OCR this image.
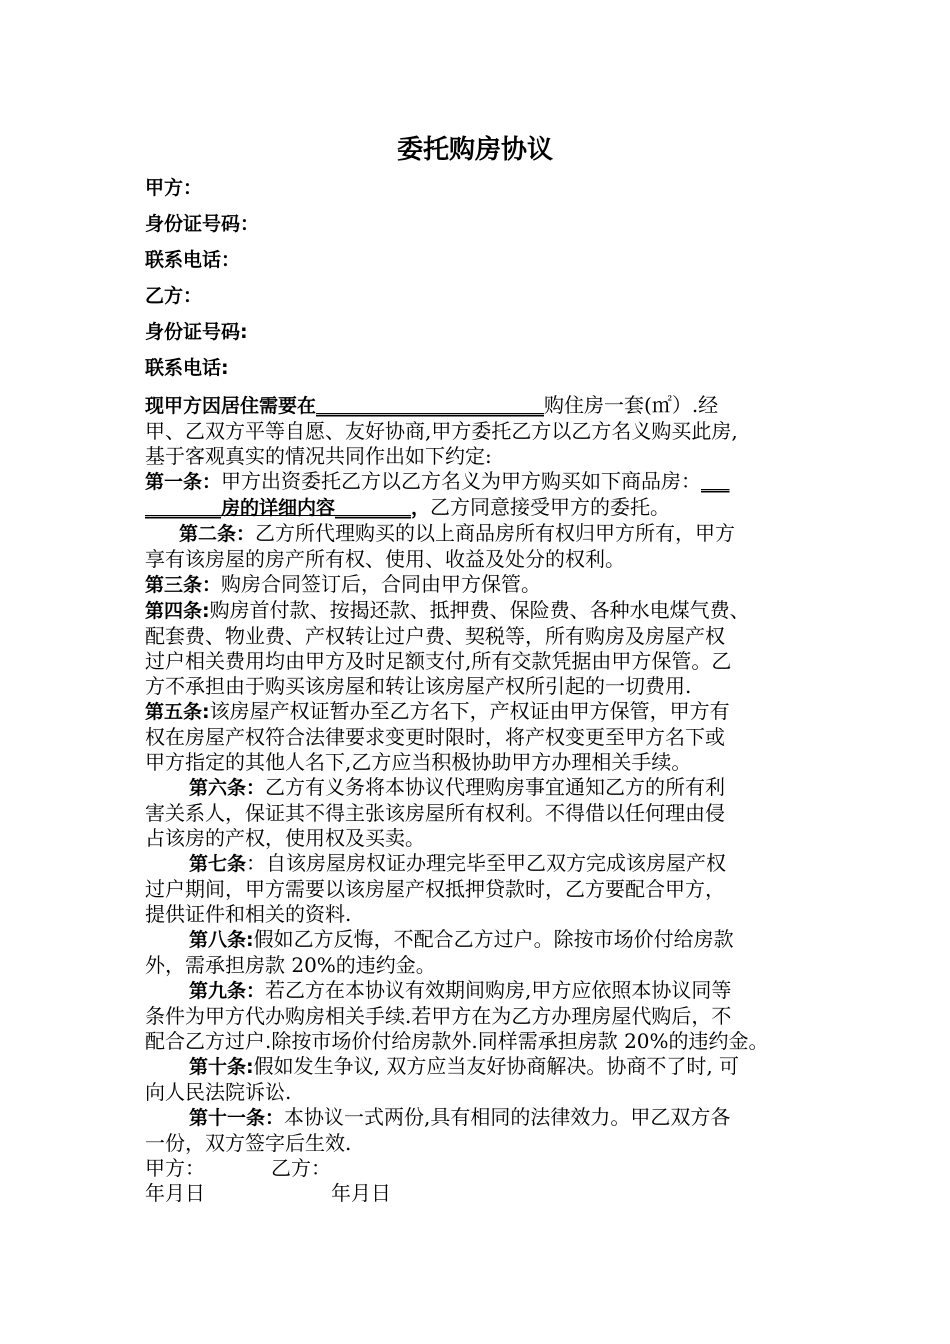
委托购房协议
甲方：
身份证号码：
联系电话：
乙方：
身份证号码:
联系电话:

现甲方因居住需要在________________________购住房一套(㎡）.经

甲、乙双方平等自愿、友好协商,甲方委托乙方以乙方名义购买此房,

基于客观真实的情况共同作出如下约定:

第一条：甲方出资委托乙方以乙方名义为甲方购买如下商品房：___

________房的详细内容________，乙方同意接受甲方的委托。

第二条：乙方所代理购买的以上商品房所有权归甲方所有，甲方

享有该房屋的房产所有权、使用、收益及处分的权利。

第三条：购房合同签订后，合同由甲方保管。

第四条:购房首付款、按揭还款、抵押费、保险费、各种水电煤气费、

配套费、物业费、产权转让过户费、契税等，所有购房及房屋产权

过户相关费用均由甲方及时足额支付,所有交款凭据由甲方保管。乙

方不承担由于购买该房屋和转让该房屋产权所引起的一切费用.

第五条:该房屋产权证暂办至乙方名下，产权证由甲方保管，甲方有

权在房屋产权符合法律要求变更时限时，将产权变更至甲方名下或

甲方指定的其他人名下,乙方应当积极协助甲方办理相关手续。

第六条：乙方有义务将本协议代理购房事宜通知乙方的所有利

害关系人，保证其不得主张该房屋所有权利。不得借以任何理由侵

占该房的产权，使用权及买卖。

第七条：自该房屋房权证办理完毕至甲乙双方完成该房屋产权

过户期间，甲方需要以该房屋产权抵押贷款时，乙方要配合甲方，

提供证件和相关的资料.

第八条:假如乙方反悔，不配合乙方过户。除按市场价付给房款

外，需承担房款 20%的违约金。

第九条：若乙方在本协议有效期间购房,甲方应依照本协议同等

条件为甲方代办购房相关手续.若甲方在为乙方办理房屋代购后，不

配合乙方过户.除按市场价付给房款外.同样需承担房款 20%的违约金。

第十条:假如发生争议, 双方应当友好协商解决。协商不了时, 可

向人民法院诉讼.

第十一条：本协议一式两份,具有相同的法律效力。甲乙双方各

一份，双方签字后生效.

甲方：	乙方：

年月日	年月日
